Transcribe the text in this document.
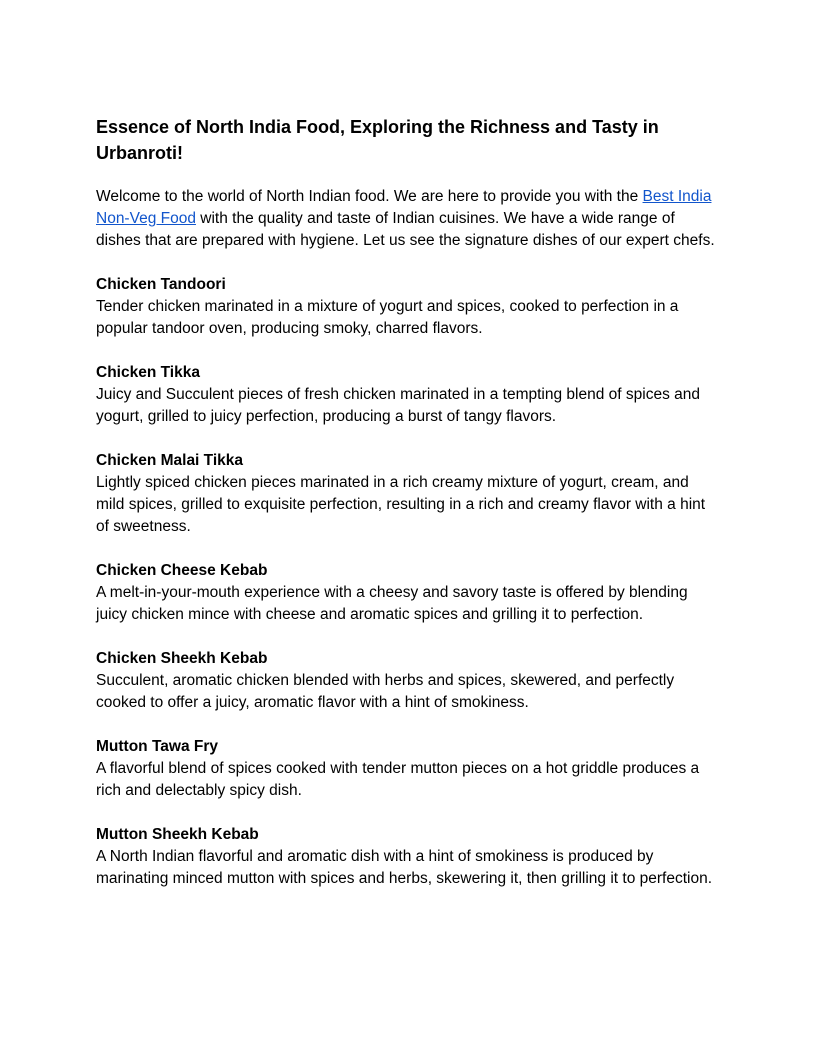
Essence of North India Food, Exploring the Richness and Tasty in Urbanroti!

Welcome to the world of North Indian food. We are here to provide you with the Best India Non-Veg Food with the quality and taste of Indian cuisines. We have a wide range of dishes that are prepared with hygiene. Let us see the signature dishes of our expert chefs.

Chicken Tandoori

Tender chicken marinated in a mixture of yogurt and spices, cooked to perfection in a popular tandoor oven, producing smoky, charred flavors.

Chicken Tikka

Juicy and Succulent pieces of fresh chicken marinated in a tempting blend of spices and yogurt, grilled to juicy perfection, producing a burst of tangy flavors.

Chicken Malai Tikka

Lightly spiced chicken pieces marinated in a rich creamy mixture of yogurt, cream, and mild spices, grilled to exquisite perfection, resulting in a rich and creamy flavor with a hint of sweetness.

Chicken Cheese Kebab

A melt-in-your-mouth experience with a cheesy and savory taste is offered by blending juicy chicken mince with cheese and aromatic spices and grilling it to perfection.

Chicken Sheekh Kebab

Succulent, aromatic chicken blended with herbs and spices, skewered, and perfectly cooked to offer a juicy, aromatic flavor with a hint of smokiness.

Mutton Tawa Fry

A flavorful blend of spices cooked with tender mutton pieces on a hot griddle produces a rich and delectably spicy dish.

Mutton Sheekh Kebab

A North Indian flavorful and aromatic dish with a hint of smokiness is produced by marinating minced mutton with spices and herbs, skewering it, then grilling it to perfection.
